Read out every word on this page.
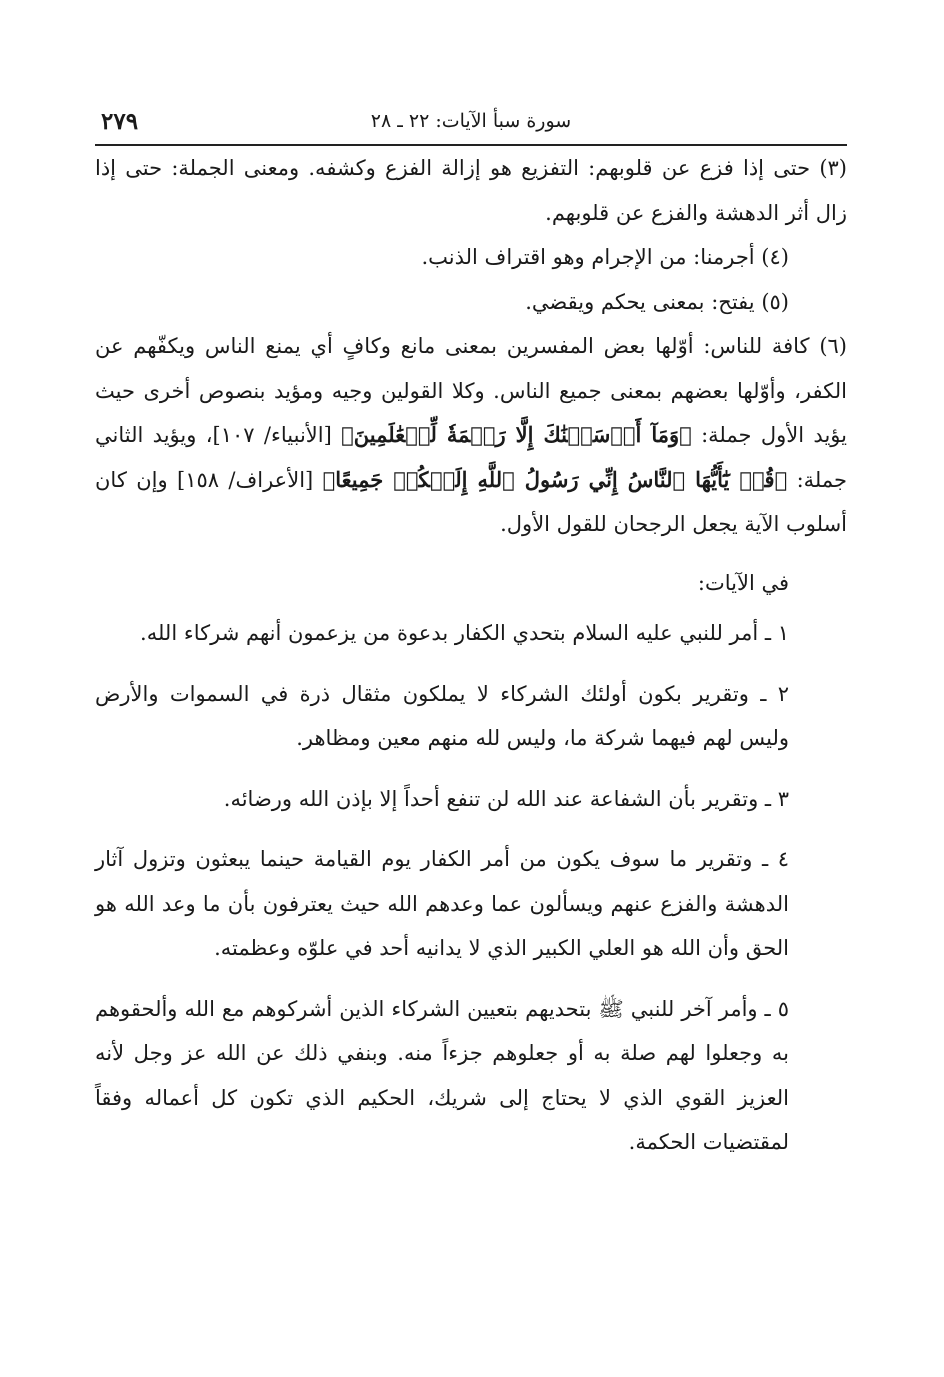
سورة سبأ الآيات: ٢٢ ـ ٢٨
٢٧٩

(٣) حتى إذا فزع عن قلوبهم: التفزيع هو إزالة الفزع وكشفه. ومعنى الجملة: حتى إذا زال أثر الدهشة والفزع عن قلوبهم.

(٤) أجرمنا: من الإجرام وهو اقتراف الذنب.

(٥) يفتح: بمعنى يحكم ويقضي.

(٦) كافة للناس: أوّلها بعض المفسرين بمعنى مانع وكافٍ أي يمنع الناس ويكفّهم عن الكفر، وأوّلها بعضهم بمعنى جميع الناس. وكلا القولين وجيه ومؤيد بنصوص أخرى حيث يؤيد الأول جملة: ﴿وَمَآ أَرۡسَلۡنَٰكَ إِلَّا رَحۡمَةٗ لِّلۡعَٰلَمِينَ﴾ [الأنبياء/ ١٠٧]، ويؤيد الثاني جملة: ﴿قُلۡ يَٰٓأَيُّهَا ٱلنَّاسُ إِنِّي رَسُولُ ٱللَّهِ إِلَيۡكُمۡ جَمِيعًا﴾ [الأعراف/ ١٥٨] وإن كان أسلوب الآية يجعل الرجحان للقول الأول.

في الآيات:

١ ـ أمر للنبي عليه السلام بتحدي الكفار بدعوة من يزعمون أنهم شركاء الله.

٢ ـ وتقرير بكون أولئك الشركاء لا يملكون مثقال ذرة في السموات والأرض وليس لهم فيهما شركة ما، وليس لله منهم معين ومظاهر.

٣ ـ وتقرير بأن الشفاعة عند الله لن تنفع أحداً إلا بإذن الله ورضائه.

٤ ـ وتقرير ما سوف يكون من أمر الكفار يوم القيامة حينما يبعثون وتزول آثار الدهشة والفزع عنهم ويسألون عما وعدهم الله حيث يعترفون بأن ما وعد الله هو الحق وأن الله هو العلي الكبير الذي لا يدانيه أحد في علوّه وعظمته.

٥ ـ وأمر آخر للنبي ﷺ بتحديهم بتعيين الشركاء الذين أشركوهم مع الله وألحقوهم به وجعلوا لهم صلة به أو جعلوهم جزءاً منه. وبنفي ذلك عن الله عز وجل لأنه العزيز القوي الذي لا يحتاج إلى شريك، الحكيم الذي تكون كل أعماله وفقاً لمقتضيات الحكمة.
